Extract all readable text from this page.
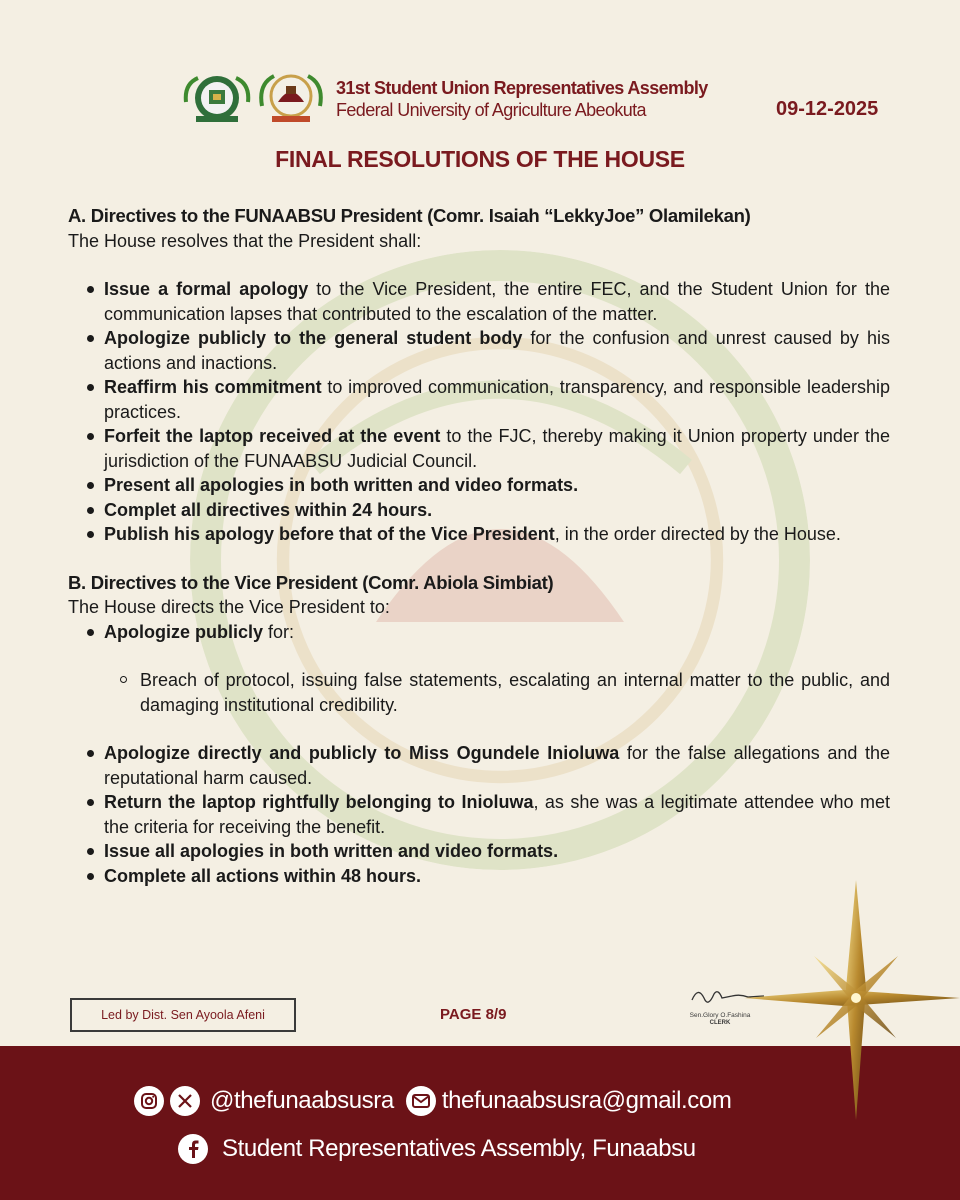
31st Student Union Representatives Assembly
Federal University of Agriculture Abeokuta	09-12-2025
FINAL RESOLUTIONS OF THE HOUSE
A. Directives to the FUNAABSU President (Comr. Isaiah “LekkyJoe” Olamilekan)

The House resolves that the President shall:

Issue a formal apology to the Vice President, the entire FEC, and the Student Union for the communication lapses that contributed to the escalation of the matter.
Apologize publicly to the general student body for the confusion and unrest caused by his actions and inactions.
Reaffirm his commitment to improved communication, transparency, and responsible leadership practices.
Forfeit the laptop received at the event to the FJC, thereby making it Union property under the jurisdiction of the FUNAABSU Judicial Council.
Present all apologies in both written and video formats.
Complet all directives within 24 hours.
Publish his apology before that of the Vice President, in the order directed by the House.
B. Directives to the Vice President (Comr. Abiola Simbiat)

The House directs the Vice President to:

Apologize publicly for:
Breach of protocol, issuing false statements, escalating an internal matter to the public, and damaging institutional credibility.
Apologize directly and publicly to Miss Ogundele Inioluwa for the false allegations and the reputational harm caused.
Return the laptop rightfully belonging to Inioluwa, as she was a legitimate attendee who met the criteria for receiving the benefit.
Issue all apologies in both written and video formats.
Complete all actions within 48 hours.
Led by Dist. Sen Ayoola Afeni	PAGE 8/9	Sen.Glory O.Fashina
CLERK
@thefunaabsusra thefunaabsusra@gmail.com
Student Representatives Assembly, Funaabsu
